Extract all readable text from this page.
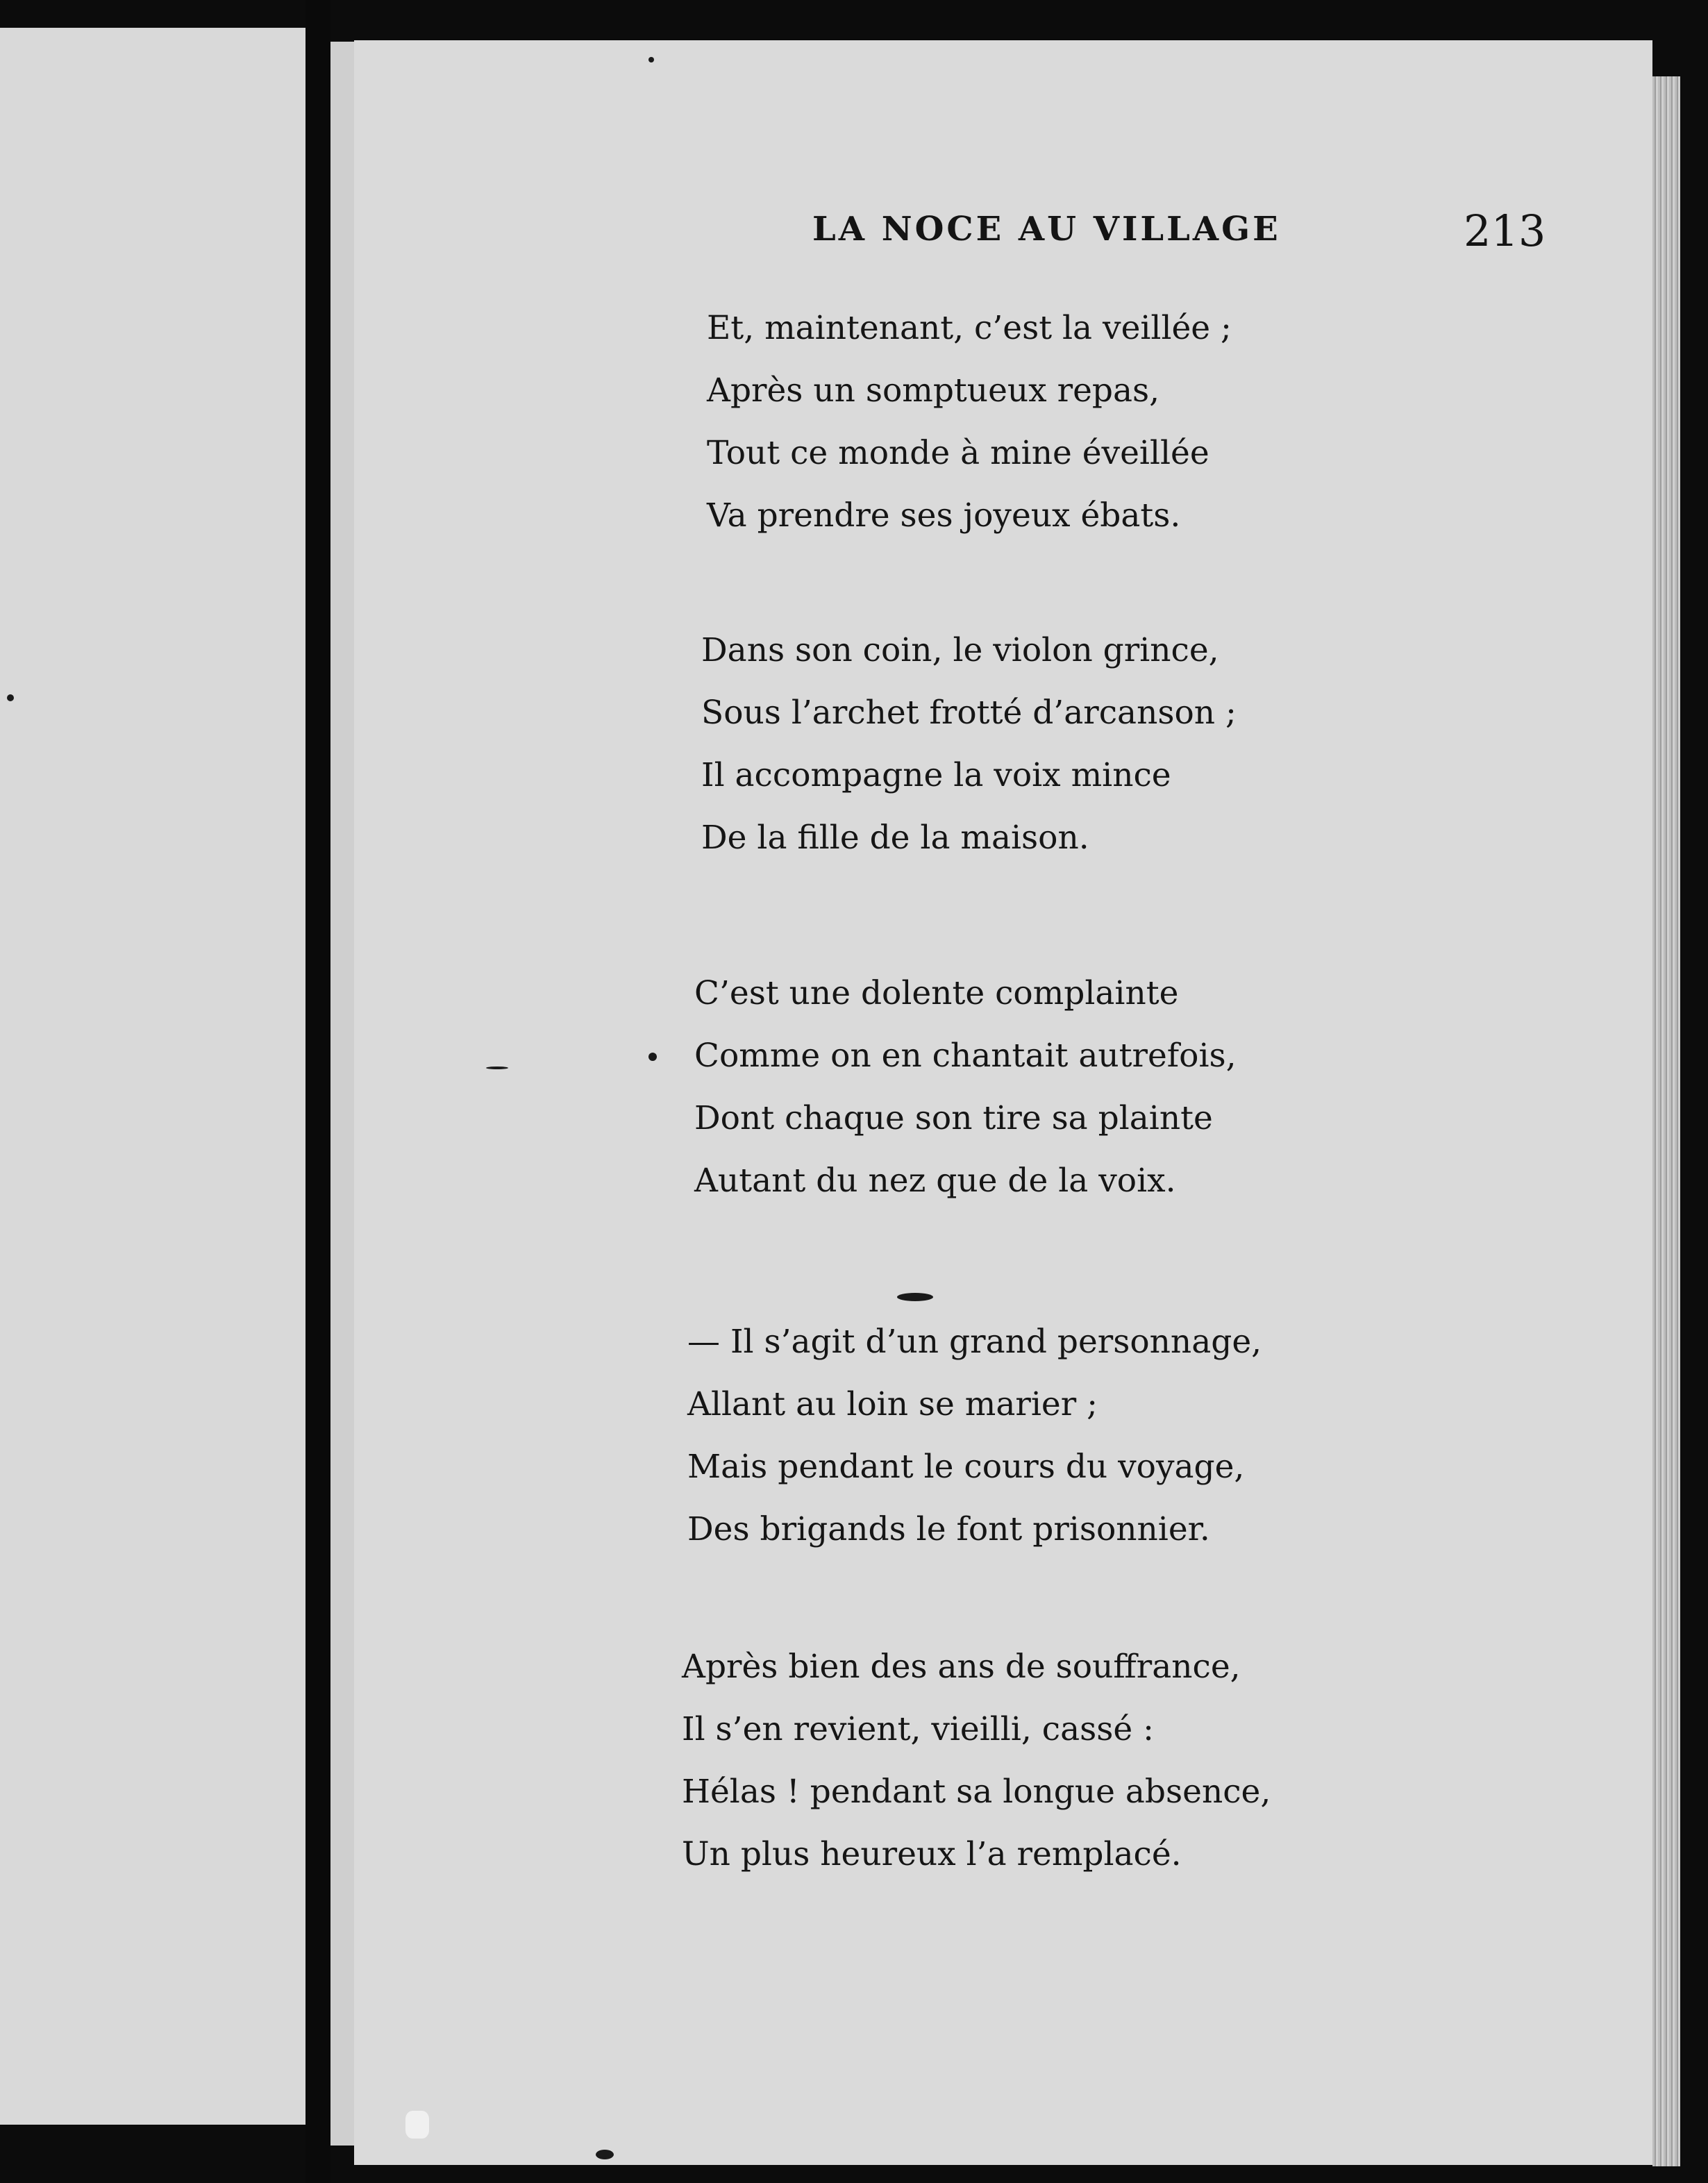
LA NOCE AU VILLAGE	213
Et, maintenant, c’est la veillée ;
Après un somptueux repas,
Tout ce monde à mine éveillée
Va prendre ses joyeux ébats.
Dans son coin, le violon grince,
Sous l’archet frotté d’arcanson ;
Il accompagne la voix mince
De la fille de la maison.
C’est une dolente complainte
Comme on en chantait autrefois,
Dont chaque son tire sa plainte
Autant du nez que de la voix.
— Il s’agit d’un grand personnage,
Allant au loin se marier ;
Mais pendant le cours du voyage,
Des brigands le font prisonnier.
Après bien des ans de souffrance,
Il s’en revient, vieilli, cassé :
Hélas ! pendant sa longue absence,
Un plus heureux l’a remplacé.
